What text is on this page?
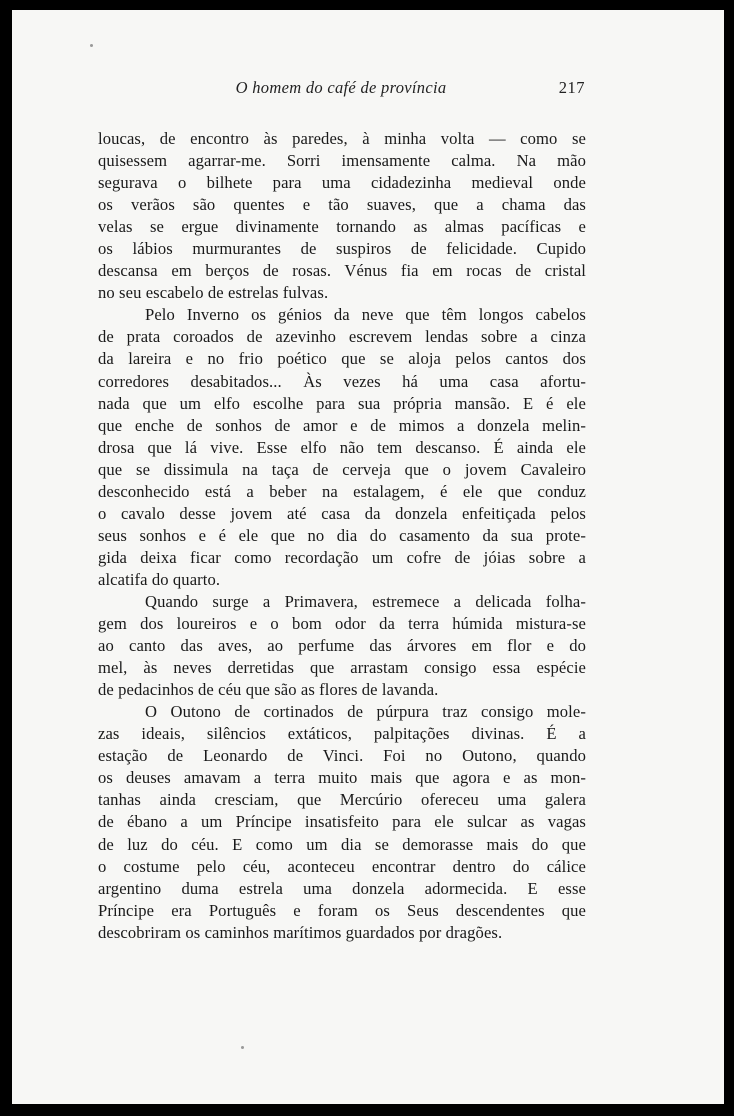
O homem do café de província	217
loucas, de encontro às paredes, à minha volta — como se
quisessem agarrar-me. Sorri imensamente calma. Na mão
segurava o bilhete para uma cidadezinha medieval onde
os verãos são quentes e tão suaves, que a chama das
velas se ergue divinamente tornando as almas pacíficas e
os lábios murmurantes de suspiros de felicidade. Cupido
descansa em berços de rosas. Vénus fia em rocas de cristal
no seu escabelo de estrelas fulvas.
Pelo Inverno os génios da neve que têm longos cabelos
de prata coroados de azevinho escrevem lendas sobre a cinza
da lareira e no frio poético que se aloja pelos cantos dos
corredores desabitados... Às vezes há uma casa afortu-
nada que um elfo escolhe para sua própria mansão. E é ele
que enche de sonhos de amor e de mimos a donzela melin-
drosa que lá vive. Esse elfo não tem descanso. É ainda ele
que se dissimula na taça de cerveja que o jovem Cavaleiro
desconhecido está a beber na estalagem, é ele que conduz
o cavalo desse jovem até casa da donzela enfeitiçada pelos
seus sonhos e é ele que no dia do casamento da sua prote-
gida deixa ficar como recordação um cofre de jóias sobre a
alcatifa do quarto.
Quando surge a Primavera, estremece a delicada folha-
gem dos loureiros e o bom odor da terra húmida mistura-se
ao canto das aves, ao perfume das árvores em flor e do
mel, às neves derretidas que arrastam consigo essa espécie
de pedacinhos de céu que são as flores de lavanda.
O Outono de cortinados de púrpura traz consigo mole-
zas ideais, silêncios extáticos, palpitações divinas. É a
estação de Leonardo de Vinci. Foi no Outono, quando
os deuses amavam a terra muito mais que agora e as mon-
tanhas ainda cresciam, que Mercúrio ofereceu uma galera
de ébano a um Príncipe insatisfeito para ele sulcar as vagas
de luz do céu. E como um dia se demorasse mais do que
o costume pelo céu, aconteceu encontrar dentro do cálice
argentino duma estrela uma donzela adormecida. E esse
Príncipe era Português e foram os Seus descendentes que
descobriram os caminhos marítimos guardados por dragões.
